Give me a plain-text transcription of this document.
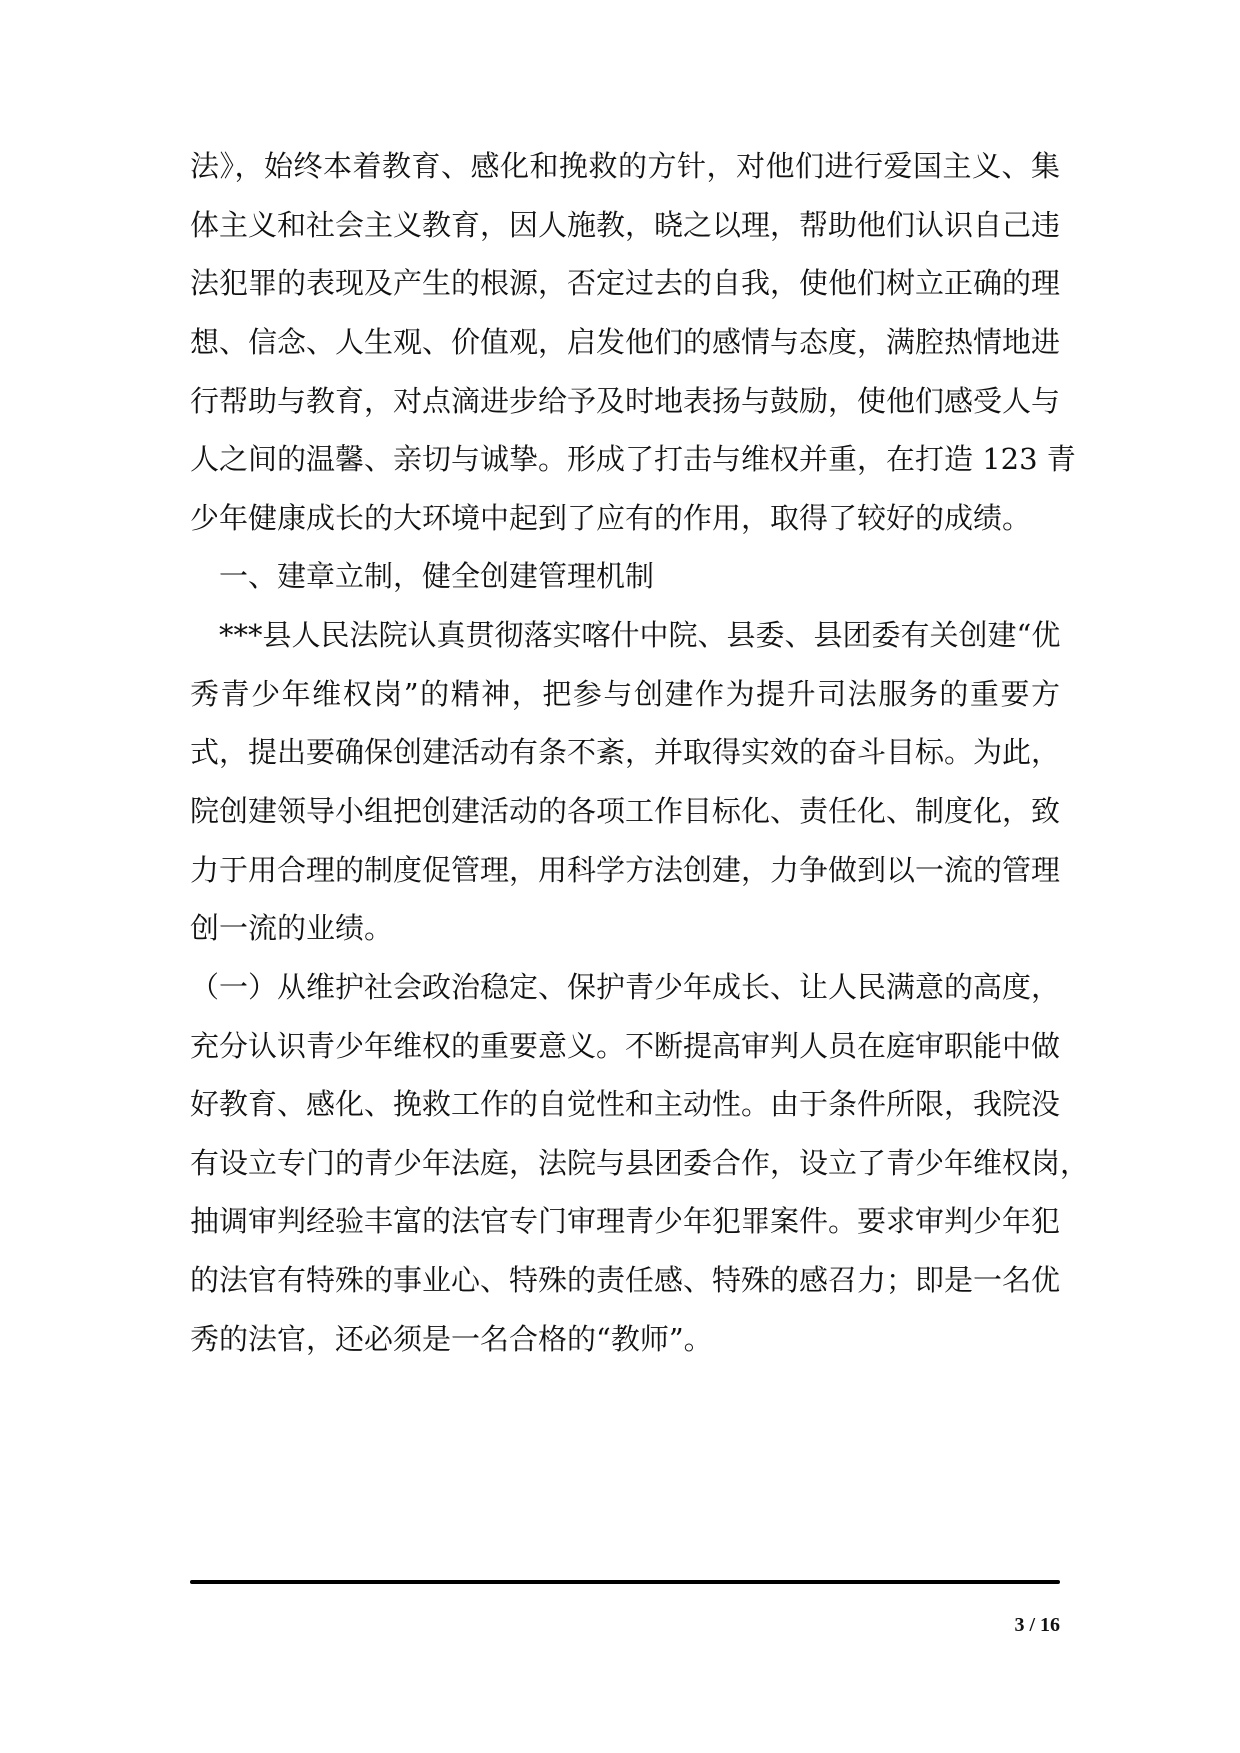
法》，始终本着教育、感化和挽救的方针，对他们进行爱国主义、集
体主义和社会主义教育，因人施教，晓之以理，帮助他们认识自己违
法犯罪的表现及产生的根源，否定过去的自我，使他们树立正确的理
想、信念、人生观、价值观，启发他们的感情与态度，满腔热情地进
行帮助与教育，对点滴进步给予及时地表扬与鼓励，使他们感受人与
人之间的温馨、亲切与诚挚。形成了打击与维权并重，在打造 123 青
少年健康成长的大环境中起到了应有的作用，取得了较好的成绩。
　一、建章立制，健全创建管理机制
　***县人民法院认真贯彻落实喀什中院、县委、县团委有关创建“优
秀青少年维权岗”的精神，把参与创建作为提升司法服务的重要方
式，提出要确保创建活动有条不紊，并取得实效的奋斗目标。为此，
院创建领导小组把创建活动的各项工作目标化、责任化、制度化，致
力于用合理的制度促管理，用科学方法创建，力争做到以一流的管理
创一流的业绩。
（一）从维护社会政治稳定、保护青少年成长、让人民满意的高度，
充分认识青少年维权的重要意义。不断提高审判人员在庭审职能中做
好教育、感化、挽救工作的自觉性和主动性。由于条件所限，我院没
有设立专门的青少年法庭，法院与县团委合作，设立了青少年维权岗，
抽调审判经验丰富的法官专门审理青少年犯罪案件。要求审判少年犯
的法官有特殊的事业心、特殊的责任感、特殊的感召力；即是一名优
秀的法官，还必须是一名合格的“教师”。
3 / 16
